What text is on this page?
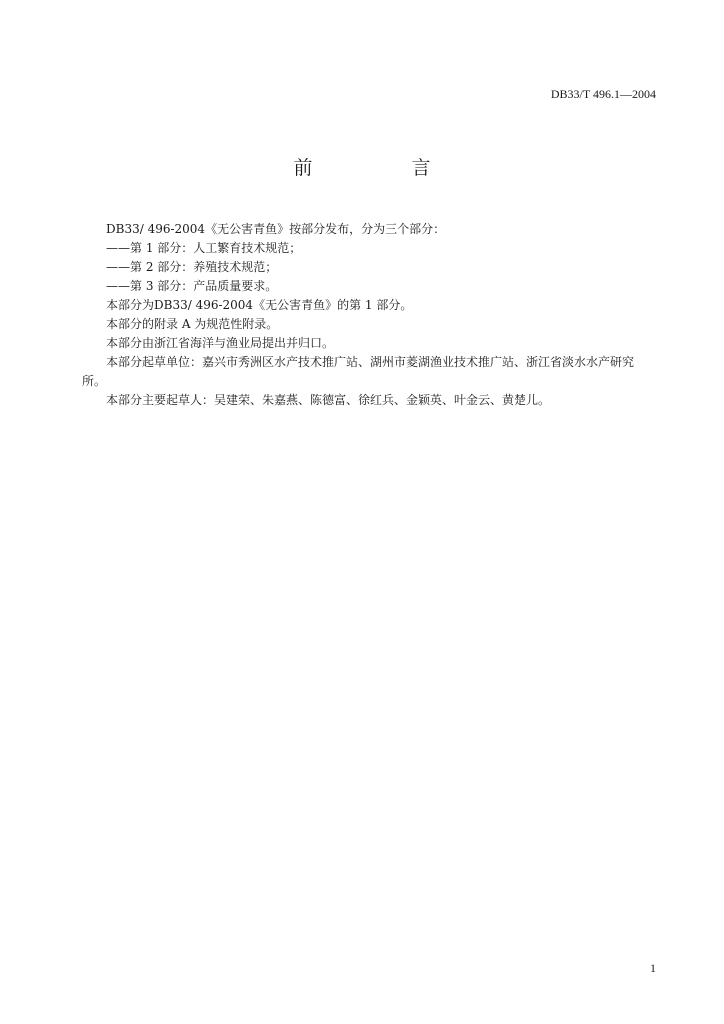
DB33/T 496.1—2004
前　言

DB33/ 496-2004《无公害青鱼》按部分发布，分为三个部分：

——第 1 部分：人工繁育技术规范；

——第 2 部分：养殖技术规范；

——第 3 部分：产品质量要求。

本部分为DB33/ 496-2004《无公害青鱼》的第 1 部分。

本部分的附录 A 为规范性附录。

本部分由浙江省海洋与渔业局提出并归口。

本部分起草单位：嘉兴市秀洲区水产技术推广站、湖州市菱湖渔业技术推广站、浙江省淡水水产研究所。

本部分主要起草人：吴建荣、朱嘉燕、陈德富、徐红兵、金颖英、叶金云、黄楚儿。

1
